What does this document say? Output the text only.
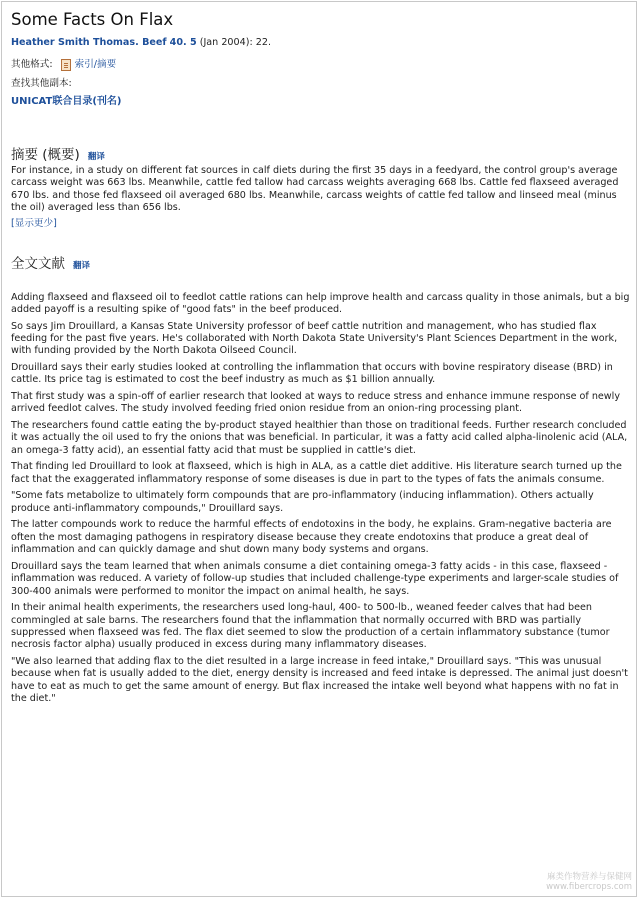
Some Facts On Flax
Heather Smith Thomas. Beef 40. 5 (Jan 2004): 22.
其他格式: 索引/摘要
查找其他副本:
UNICAT联合目录(刊名)
摘要 (概要) 翻译

For instance, in a study on different fat sources in calf diets during the first 35 days in a feedyard, the control group's average carcass weight was 663 lbs. Meanwhile, cattle fed tallow had carcass weights averaging 668 lbs. Cattle fed flaxseed averaged 670 lbs. and those fed flaxseed oil averaged 680 lbs. Meanwhile, carcass weights of cattle fed tallow and linseed meal (minus the oil) averaged less than 656 lbs.

[显示更少]
全文文献 翻译

Adding flaxseed and flaxseed oil to feedlot cattle rations can help improve health and carcass quality in those animals, but a big added payoff is a resulting spike of "good fats" in the beef produced.

So says Jim Drouillard, a Kansas State University professor of beef cattle nutrition and management, who has studied flax feeding for the past five years. He's collaborated with North Dakota State University's Plant Sciences Department in the work, with funding provided by the North Dakota Oilseed Council.

Drouillard says their early studies looked at controlling the inflammation that occurs with bovine respiratory disease (BRD) in cattle. Its price tag is estimated to cost the beef industry as much as $1 billion annually.

That first study was a spin-off of earlier research that looked at ways to reduce stress and enhance immune response of newly arrived feedlot calves. The study involved feeding fried onion residue from an onion-ring processing plant.

The researchers found cattle eating the by-product stayed healthier than those on traditional feeds. Further research concluded it was actually the oil used to fry the onions that was beneficial. In particular, it was a fatty acid called alpha-linolenic acid (ALA, an omega-3 fatty acid), an essential fatty acid that must be supplied in cattle's diet.

That finding led Drouillard to look at flaxseed, which is high in ALA, as a cattle diet additive. His literature search turned up the fact that the exaggerated inflammatory response of some diseases is due in part to the types of fats the animals consume.

"Some fats metabolize to ultimately form compounds that are pro-inflammatory (inducing inflammation). Others actually produce anti-inflammatory compounds," Drouillard says.

The latter compounds work to reduce the harmful effects of endotoxins in the body, he explains. Gram-negative bacteria are often the most damaging pathogens in respiratory disease because they create endotoxins that produce a great deal of inflammation and can quickly damage and shut down many body systems and organs.

Drouillard says the team learned that when animals consume a diet containing omega-3 fatty acids - in this case, flaxseed - inflammation was reduced. A variety of follow-up studies that included challenge-type experiments and larger-scale studies of 300-400 animals were performed to monitor the impact on animal health, he says.

In their animal health experiments, the researchers used long-haul, 400- to 500-lb., weaned feeder calves that had been commingled at sale barns. The researchers found that the inflammation that normally occurred with BRD was partially suppressed when flaxseed was fed. The flax diet seemed to slow the production of a certain inflammatory substance (tumor necrosis factor alpha) usually produced in excess during many inflammatory diseases.

"We also learned that adding flax to the diet resulted in a large increase in feed intake," Drouillard says. "This was unusual because when fat is usually added to the diet, energy density is increased and feed intake is depressed. The animal just doesn't have to eat as much to get the same amount of energy. But flax increased the intake well beyond what happens with no fat in the diet."

麻类作物营养与保健网
www.fibercrops.com
